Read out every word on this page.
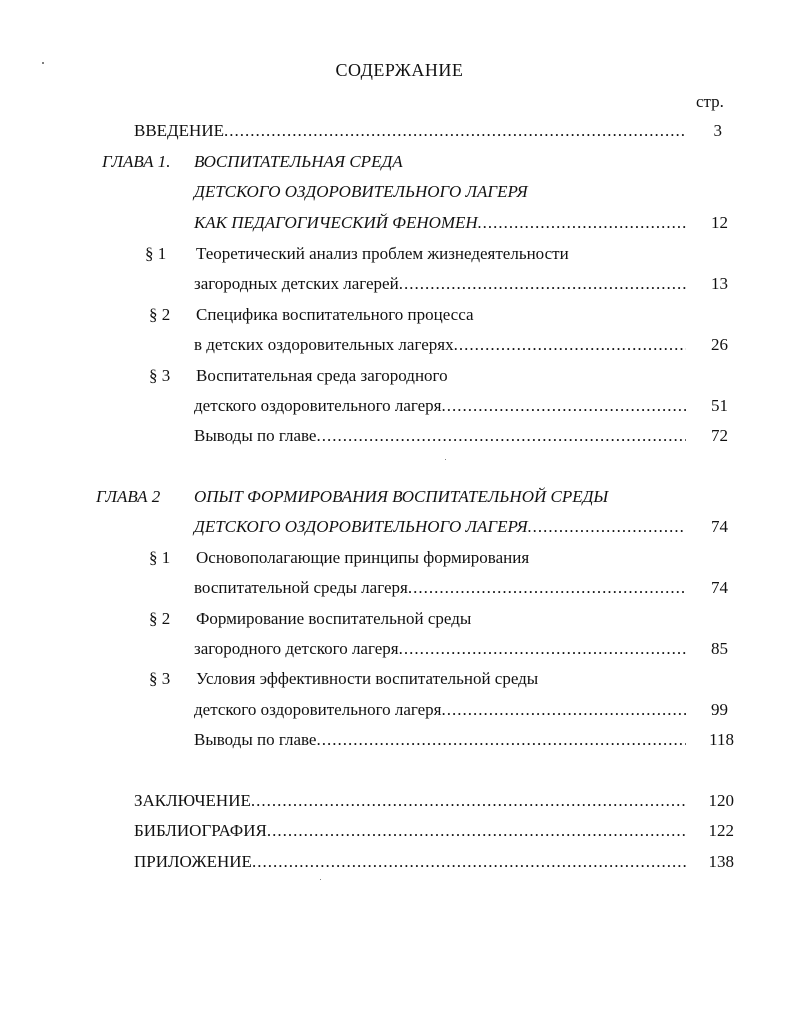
СОДЕРЖАНИЕ
стр.
ВВЕДЕНИЕ .....	3
ГЛАВА 1. ВОСПИТАТЕЛЬНАЯ СРЕДА
ДЕТСКОГО ОЗДОРОВИТЕЛЬНОГО ЛАГЕРЯ
КАК ПЕДАГОГИЧЕСКИЙ ФЕНОМЕН .....	12
§ 1 Теоретический анализ проблем жизнедеятельности
загородных детских лагерей .....	13
§ 2 Специфика воспитательного процесса
в детских оздоровительных лагерях .....	26
§ 3 Воспитательная среда загородного
детского оздоровительного лагеря .....	51
Выводы по главе .....	72
ГЛАВА 2 ОПЫТ ФОРМИРОВАНИЯ ВОСПИТАТЕЛЬНОЙ СРЕДЫ
ДЕТСКОГО ОЗДОРОВИТЕЛЬНОГО ЛАГЕРЯ .....	74
§ 1 Основополагающие принципы формирования
воспитательной среды лагеря .....	74
§ 2 Формирование воспитательной среды
загородного детского лагеря .....	85
§ 3 Условия эффективности воспитательной среды
детского оздоровительного лагеря .....	99
Выводы по главе .....	118
ЗАКЛЮЧЕНИЕ .....	120
БИБЛИОГРАФИЯ .....	122
ПРИЛОЖЕНИЕ .....	138
